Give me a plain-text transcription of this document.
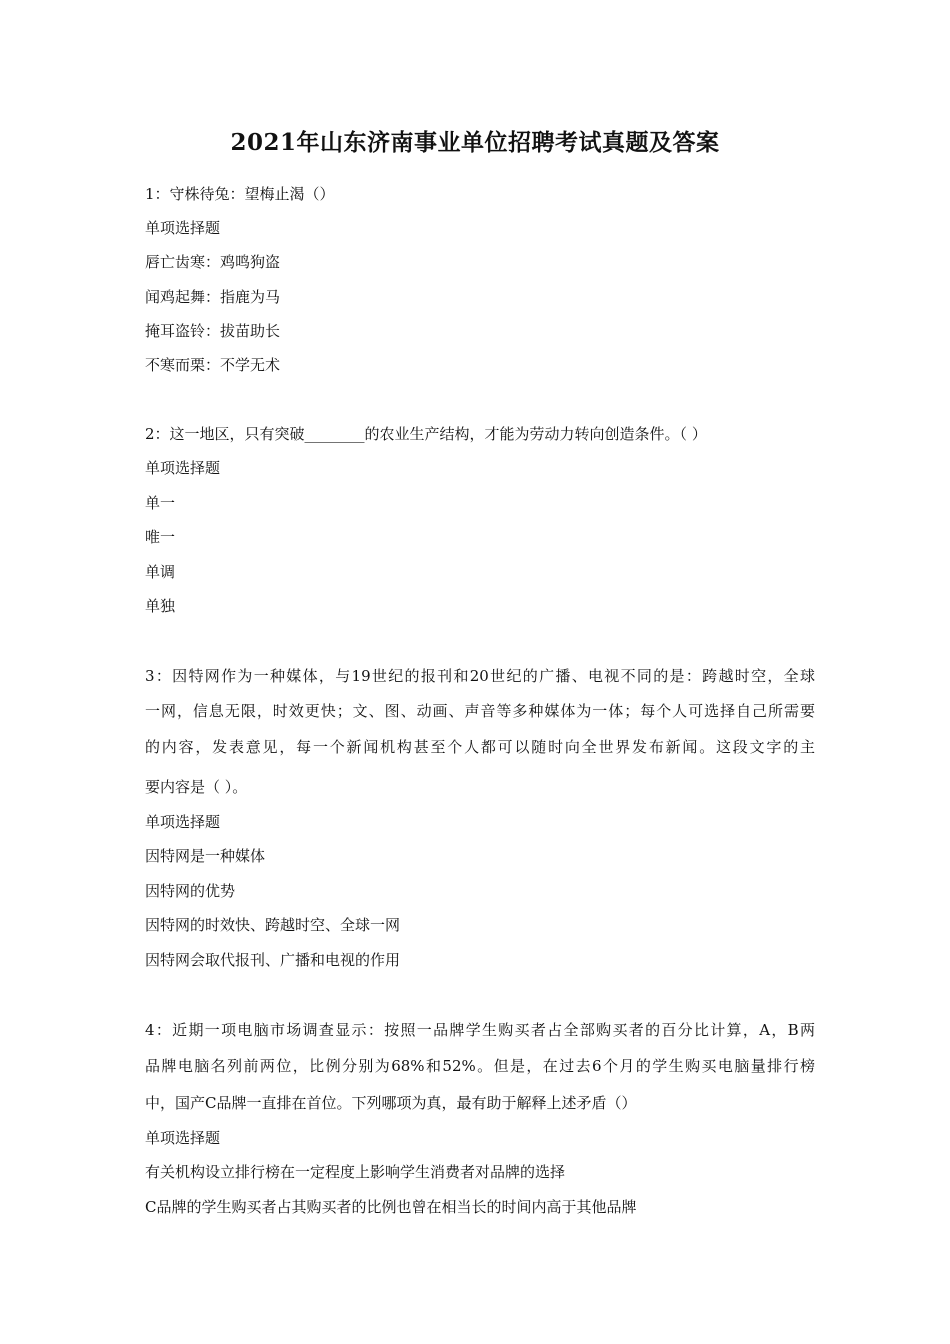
2021年山东济南事业单位招聘考试真题及答案
1：守株待兔：望梅止渴（）
单项选择题
唇亡齿寒：鸡鸣狗盗
闻鸡起舞：指鹿为马
掩耳盗铃：拔苗助长
不寒而栗：不学无术
2：这一地区，只有突破________的农业生产结构，才能为劳动力转向创造条件。（ ）
单项选择题
单一
唯一
单调
单独
3：因特网作为一种媒体，与19世纪的报刊和20世纪的广播、电视不同的是：跨越时空，全球
一网，信息无限，时效更快；文、图、动画、声音等多种媒体为一体；每个人可选择自己所需要
的内容，发表意见，每一个新闻机构甚至个人都可以随时向全世界发布新闻。这段文字的主
要内容是（ ）。
单项选择题
因特网是一种媒体
因特网的优势
因特网的时效快、跨越时空、全球一网
因特网会取代报刊、广播和电视的作用
4：近期一项电脑市场调查显示：按照一品牌学生购买者占全部购买者的百分比计算，A，B两
品牌电脑名列前两位，比例分别为68%和52%。但是，在过去6个月的学生购买电脑量排行榜
中，国产C品牌一直排在首位。下列哪项为真，最有助于解释上述矛盾（）
单项选择题
有关机构设立排行榜在一定程度上影响学生消费者对品牌的选择
C品牌的学生购买者占其购买者的比例也曾在相当长的时间内高于其他品牌
